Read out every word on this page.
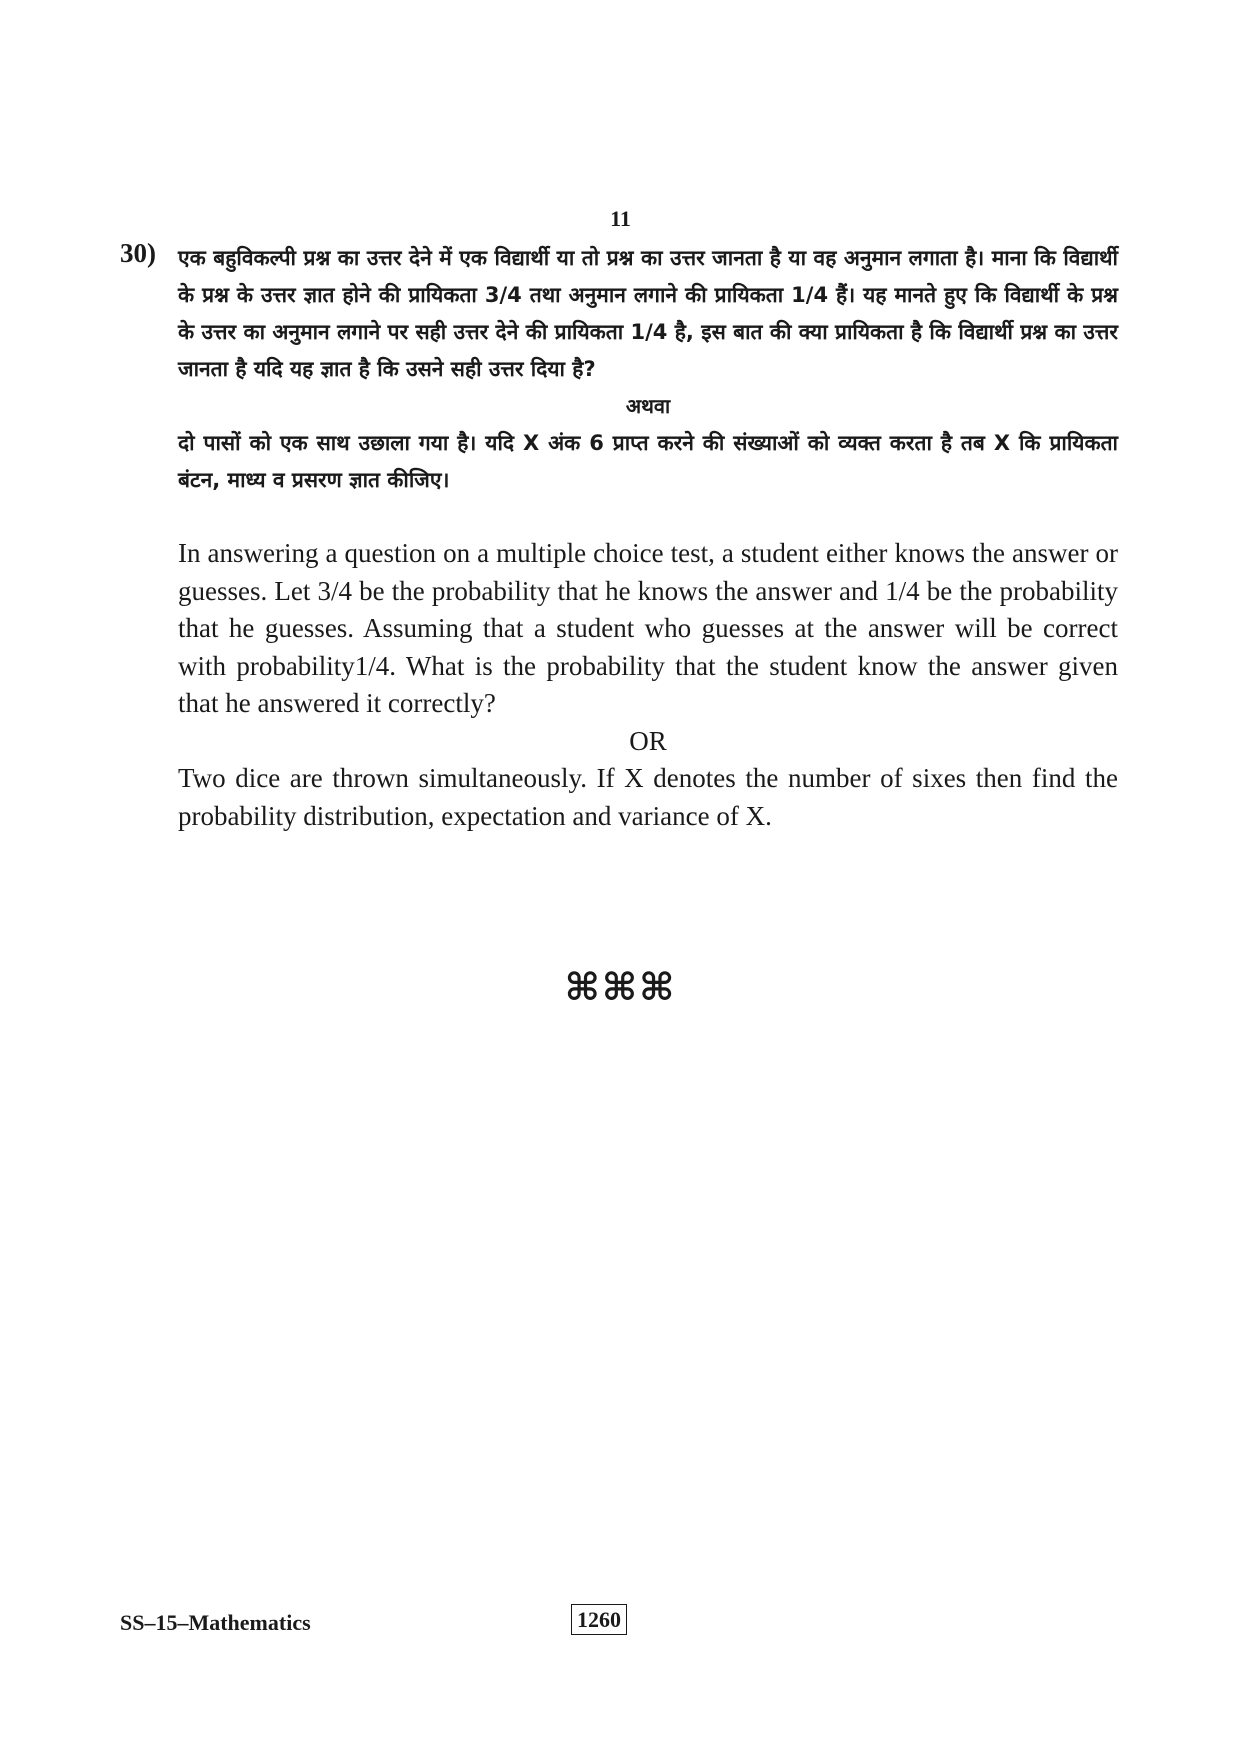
11
30) एक बहुविकल्पी प्रश्न का उत्तर देने में एक विद्यार्थी या तो प्रश्न का उत्तर जानता है या वह अनुमान लगाता है। माना कि विद्यार्थी के प्रश्न के उत्तर ज्ञात होने की प्रायिकता 3/4 तथा अनुमान लगाने की प्रायिकता 1/4 हैं। यह मानते हुए कि विद्यार्थी के प्रश्न के उत्तर का अनुमान लगाने पर सही उत्तर देने की प्रायिकता 1/4 है, इस बात की क्या प्रायिकता है कि विद्यार्थी प्रश्न का उत्तर जानता है यदि यह ज्ञात है कि उसने सही उत्तर दिया है?

अथवा

दो पासों को एक साथ उछाला गया है। यदि X अंक 6 प्राप्त करने की संख्याओं को व्यक्त करता है तब X कि प्रायिकता बंटन, माध्य व प्रसरण ज्ञात कीजिए।

In answering a question on a multiple choice test, a student either knows the answer or guesses. Let 3/4 be the probability that he knows the answer and 1/4 be the probability that he guesses. Assuming that a student who guesses at the answer will be correct with probability1/4. What is the probability that the student know the answer given that he answered it correctly?

OR

Two dice are thrown simultaneously. If X denotes the number of sixes then find the probability distribution, expectation and variance of X.

⌘⌘⌘
SS–15–Mathematics	1260
